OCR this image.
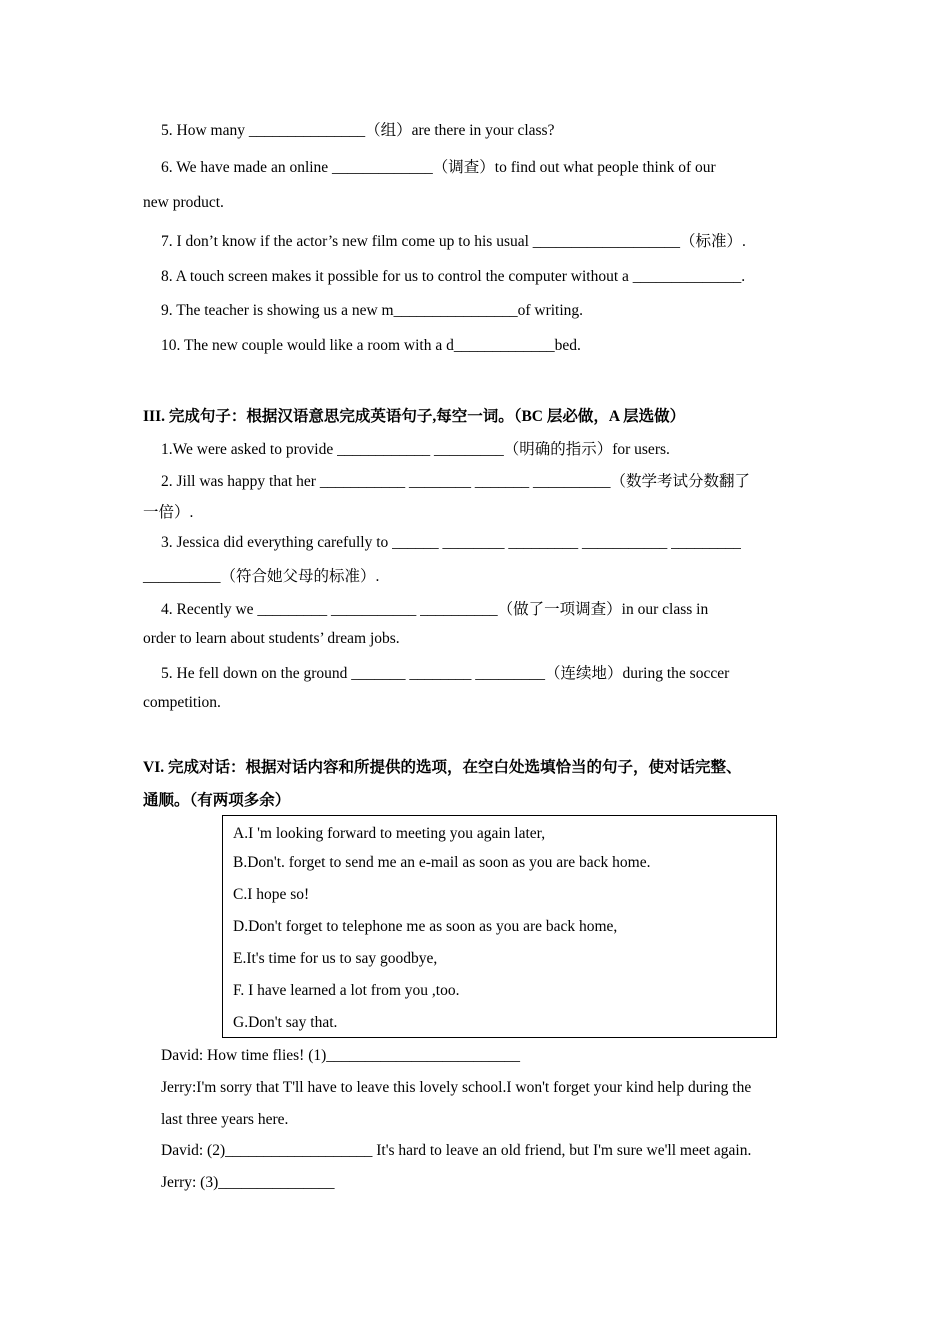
5. How many _______________（组）are there in your class?
6. We have made an online _____________（调查）to find out what people think of our
new product.
7. I don’t know if the actor’s new film come up to his usual ___________________（标准）.
8. A touch screen makes it possible for us to control the computer without a ______________.
9. The teacher is showing us a new m________________of writing.
10. The new couple would like a room with a d_____________bed.
III. 完成句子：根据汉语意思完成英语句子,每空一词。（BC 层必做，A 层选做）
1.We were asked to provide ____________ _________（明确的指示）for users.
2. Jill was happy that her ___________ ________ _______ __________（数学考试分数翻了
一倍）.
3. Jessica did everything carefully to ______ ________ _________ ___________ _________
__________（符合她父母的标准）.
4. Recently we _________ ___________ __________（做了一项调查）in our class in
order to learn about students’ dream jobs.
5. He fell down on the ground _______ ________ _________（连续地）during the soccer
competition.
VI. 完成对话：根据对话内容和所提供的选项，在空白处选填恰当的句子，使对话完整、
通顺。（有两项多余）
A.I 'm looking forward to meeting you again later,
B.Don't. forget to send me an e-mail as soon as you are back home.
C.I hope so!
D.Don't forget to telephone me as soon as you are back home,
E.It's time for us to say goodbye,
F. I have learned a lot from you ,too.
G.Don't say that.
David: How time flies! (1)_________________________
Jerry:I'm sorry that T'll have to leave this lovely school.I won't forget your kind help during the
last three years here.
David: (2)___________________ It's hard to leave an old friend, but I'm sure we'll meet again.
Jerry: (3)_______________
